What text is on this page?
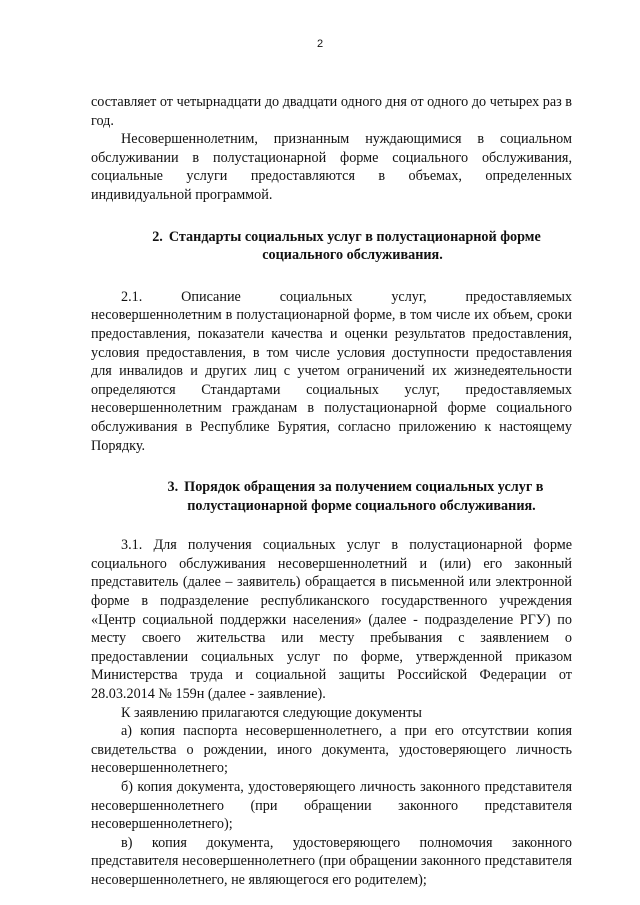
2

составляет от четырнадцати до двадцати одного дня от одного до четырех раз в год.

Несовершеннолетним, признанным нуждающимися в социальном обслуживании в полустационарной форме социального обслуживания, социальные услуги предоставляются в объемах, определенных индивидуальной программой.

2. Стандарты социальных услуг в полустационарной форме
социального обслуживания.

2.1.        Описание        социальных        услуг,        предоставляемых несовершеннолетним в полустационарной форме, в том числе их объем, сроки предоставления, показатели качества и оценки результатов предоставления, условия предоставления, в том числе условия доступности предоставления для инвалидов и других лиц с учетом ограничений их жизнедеятельности определяются Стандартами социальных услуг, предоставляемых несовершеннолетним гражданам в полустационарной форме социального обслуживания в Республике Бурятия, согласно приложению к настоящему Порядку.

3. Порядок обращения за получением социальных услуг в
полустационарной форме социального обслуживания.

3.1. Для получения социальных услуг в полустационарной форме социального обслуживания несовершеннолетний и (или) его законный представитель (далее – заявитель) обращается в письменной или электронной форме в подразделение республиканского государственного учреждения «Центр социальной поддержки населения» (далее - подразделение РГУ) по месту своего жительства или месту пребывания с заявлением о предоставлении социальных услуг по форме, утвержденной приказом Министерства труда и социальной защиты Российской Федерации от 28.03.2014 № 159н (далее - заявление).

К заявлению прилагаются следующие документы

а) копия паспорта несовершеннолетнего, а при его отсутствии копия свидетельства о рождении, иного документа, удостоверяющего личность несовершеннолетнего;

б) копия документа, удостоверяющего личность законного представителя несовершеннолетнего (при обращении законного представителя несовершеннолетнего);

в) копия документа, удостоверяющего полномочия законного представителя несовершеннолетнего (при обращении законного представителя несовершеннолетнего, не являющегося его родителем);
